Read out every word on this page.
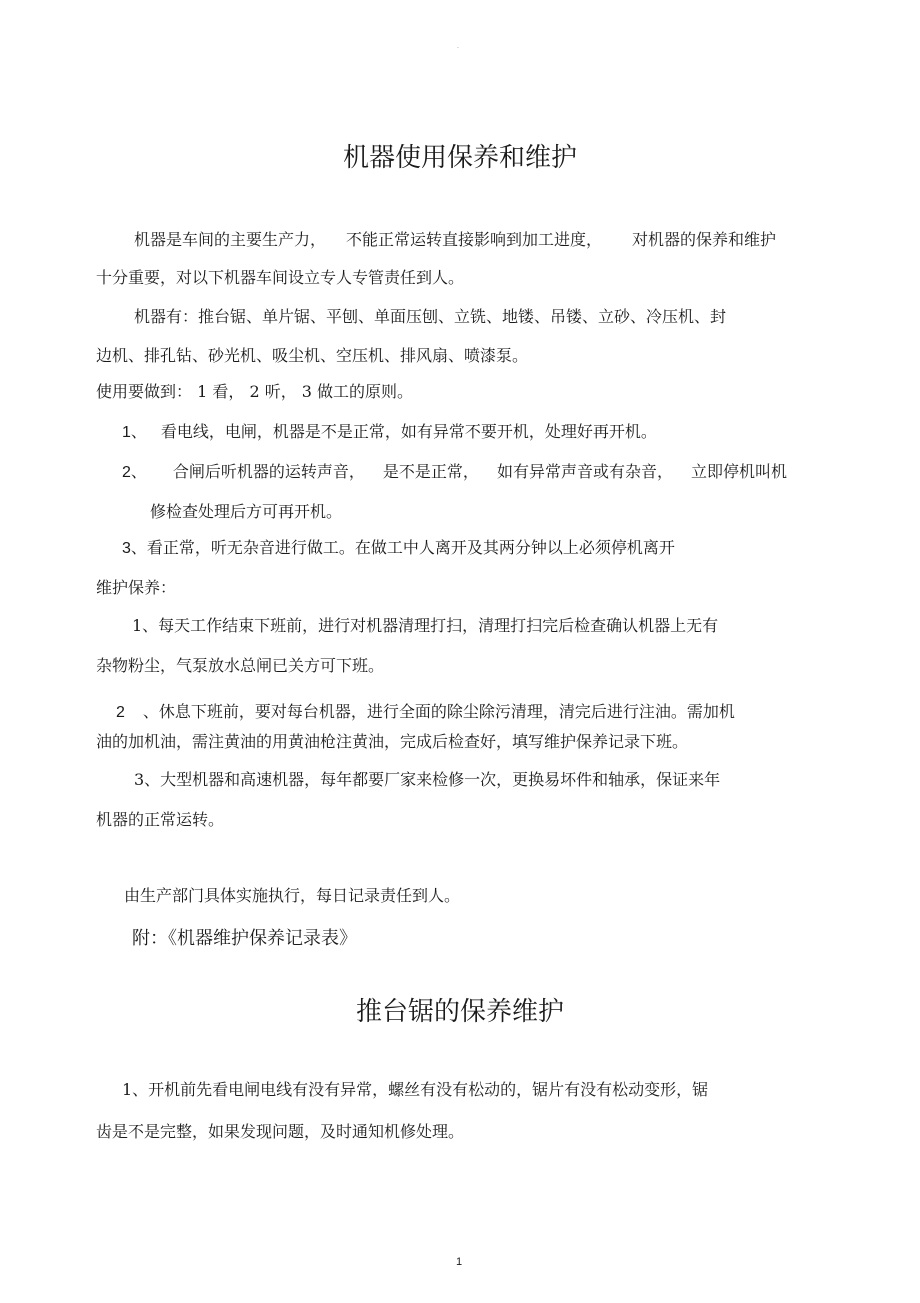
.
机器使用保养和维护
机器是车间的主要生产力， 不能正常运转直接影响到加工进度， 对机器的保养和维护
十分重要，对以下机器车间设立专人专管责任到人。
机器有：推台锯、单片锯、平刨、单面压刨、立铣、地镂、吊镂、立砂、冷压机、封
边机、排孔钻、砂光机、吸尘机、空压机、排风扇、喷漆泵。
使用要做到： 1 看， 2 听， 3 做工的原则。
1、 看电线，电闸，机器是不是正常，如有异常不要开机，处理好再开机。
2、 合闸后听机器的运转声音， 是不是正常， 如有异常声音或有杂音， 立即停机叫机
修检查处理后方可再开机。
3、看正常，听无杂音进行做工。在做工中人离开及其两分钟以上必须停机离开
维护保养：
1、每天工作结束下班前，进行对机器清理打扫，清理打扫完后检查确认机器上无有
杂物粉尘，气泵放水总闸已关方可下班。
2 、休息下班前，要对每台机器，进行全面的除尘除污清理，清完后进行注油。需加机
油的加机油，需注黄油的用黄油枪注黄油，完成后检查好，填写维护保养记录下班。
3、大型机器和高速机器，每年都要厂家来检修一次，更换易坏件和轴承，保证来年
机器的正常运转。
由生产部门具体实施执行，每日记录责任到人。
附：《机器维护保养记录表》
推台锯的保养维护
1、开机前先看电闸电线有没有异常，螺丝有没有松动的，锯片有没有松动变形，锯
齿是不是完整，如果发现问题，及时通知机修处理。
1
